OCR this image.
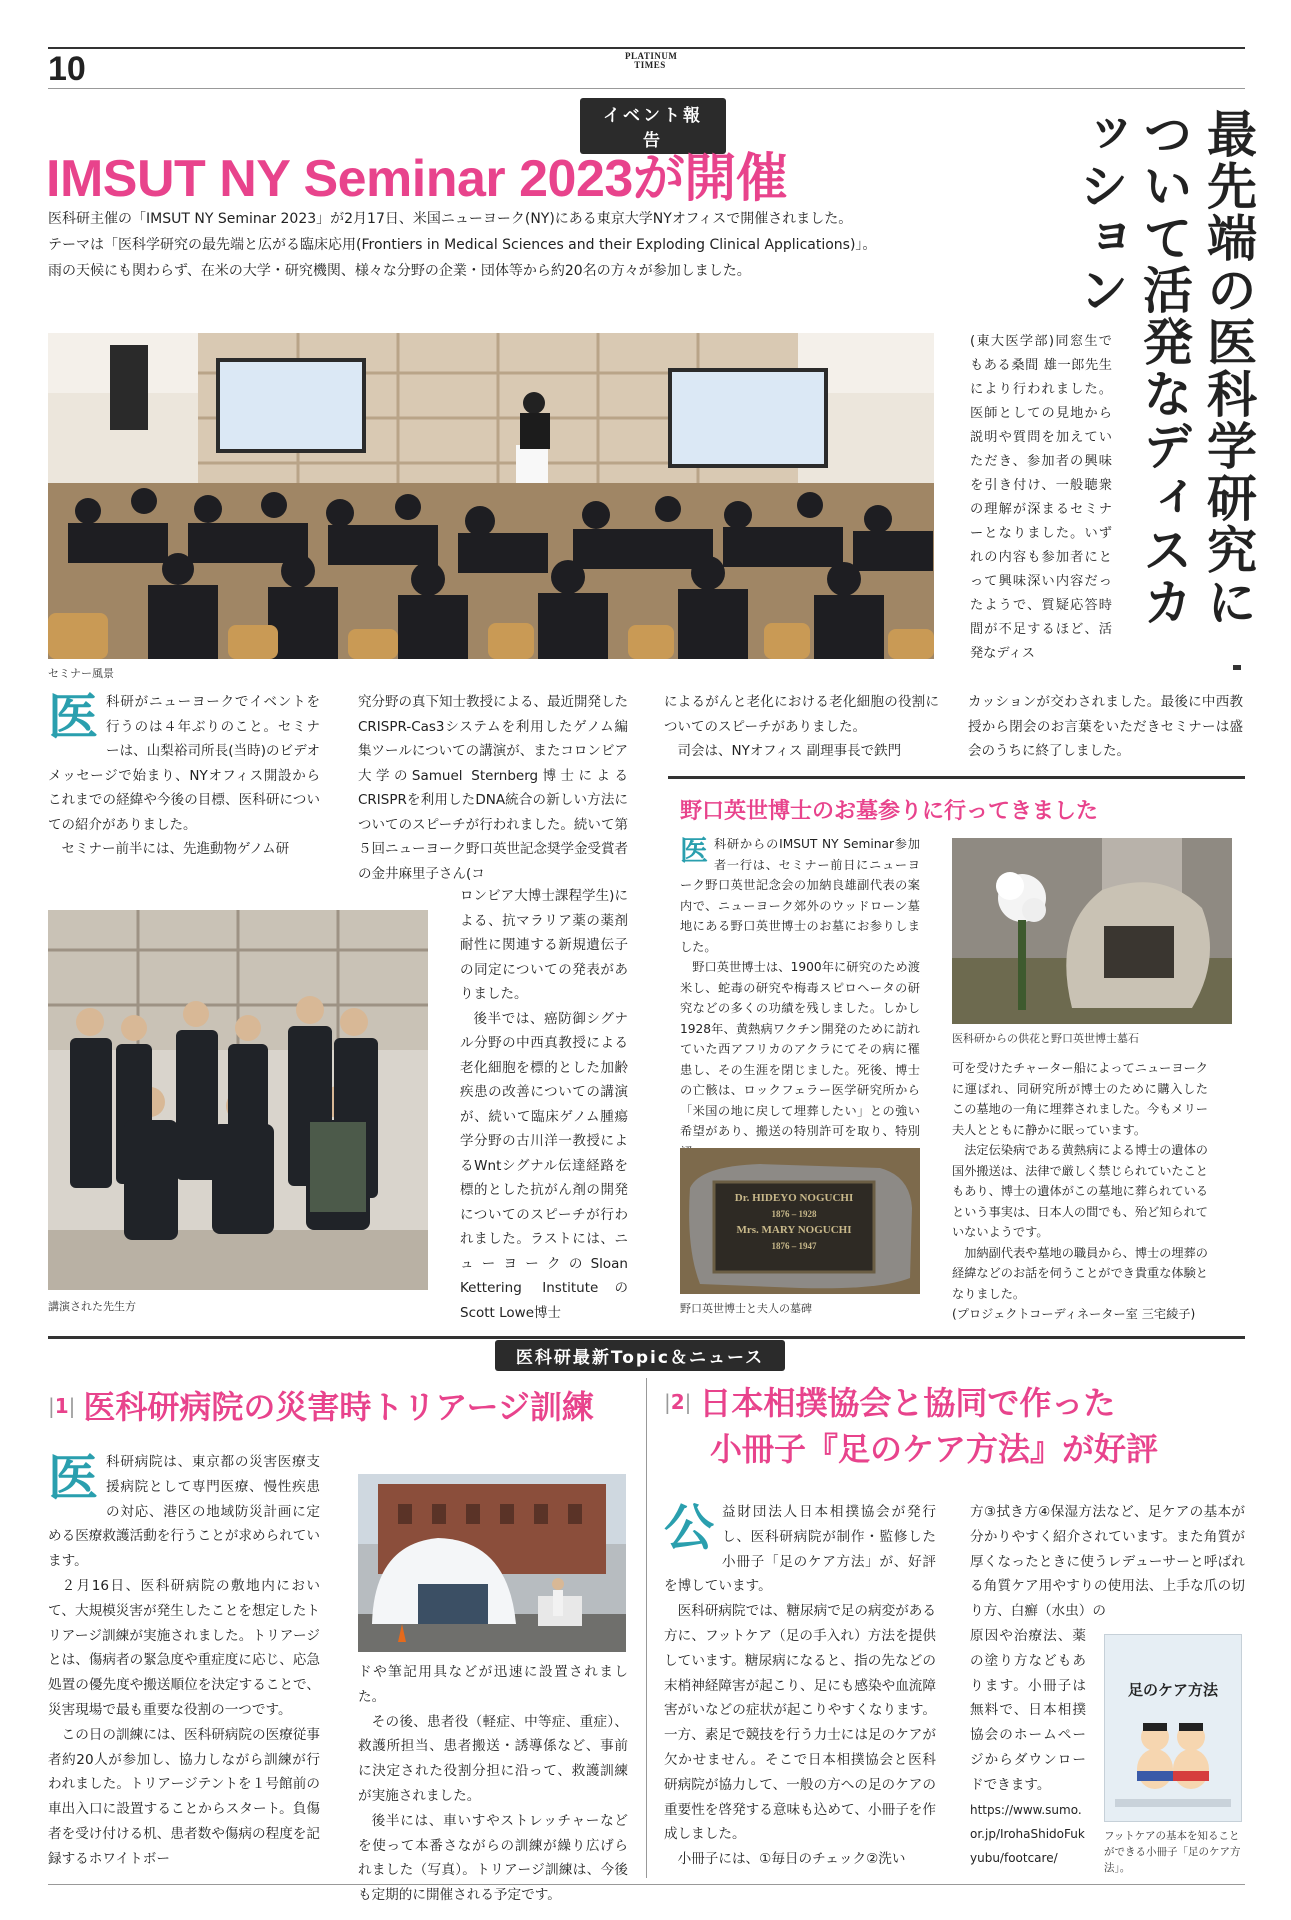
10	PLATINUM
TIMES
イベント報告
IMSUT NY Seminar 2023が開催
医科研主催の「IMSUT NY Seminar 2023」が2月17日、米国ニューヨーク(NY)にある東京大学NYオフィスで開催されました。
テーマは「医科学研究の最先端と広がる臨床応用(Frontiers in Medical Sciences and their Exploding Clinical Applications)」。
雨の天候にも関わらず、在米の大学・研究機関、様々な分野の企業・団体等から約20名の方々が参加しました。	最先端の医科学研究について活発なディスカッション
セミナー風景
(東大医学部)同窓生でもある桑間 雄一郎先生により行われました。医師としての見地から説明や質問を加えていただき、参加者の興味を引き付け、一般聴衆の理解が深まるセミナーとなりました。いずれの内容も参加者にとって興味深い内容だったようで、質疑応答時間が不足するほど、活発なディス
医 科研がニューヨークでイベントを行うのは４年ぶりのこと。セミナーは、山梨裕司所長(当時)のビデオメッセージで始まり、NYオフィス開設からこれまでの経緯や今後の目標、医科研についての紹介がありました。

セミナー前半には、先進動物ゲノム研

究分野の真下知士教授による、最近開発したCRISPR-Cas3システムを利用したゲノム編集ツールについての講演が、またコロンビア大学のSamuel Sternberg博士によるCRISPRを利用したDNA統合の新しい方法についてのスピーチが行われました。続いて第５回ニューヨーク野口英世記念奨学金受賞者の金井麻里子さん(コ

ロンビア大博士課程学生)による、抗マラリア薬の薬剤耐性に関連する新規遺伝子の同定についての発表がありました。

後半では、癌防御シグナル分野の中西真教授による老化細胞を標的とした加齢疾患の改善についての講演が、続いて臨床ゲノム腫瘍学分野の古川洋一教授によるWntシグナル伝達経路を標的とした抗がん剤の開発についてのスピーチが行われました。ラストには、ニューヨークのSloan Kettering InstituteのScott Lowe博士

によるがんと老化における老化細胞の役割についてのスピーチがありました。

司会は、NYオフィス 副理事長で鉄門

カッションが交わされました。最後に中西教授から閉会のお言葉をいただきセミナーは盛会のうちに終了しました。
講演された先生方
野口英世博士のお墓参りに行ってきました
医 科研からのIMSUT NY Seminar参加者一行は、セミナー前日にニューヨーク野口英世記念会の加納良雄副代表の案内で、ニューヨーク郊外のウッドローン墓地にある野口英世博士のお墓にお参りしました。

野口英世博士は、1900年に研究のため渡米し、蛇毒の研究や梅毒スピロヘータの研究などの多くの功績を残しました。しかし1928年、黄熱病ワクチン開発のために訪れていた西アフリカのアクラにてその病に罹患し、その生涯を閉じました。死後、博士の亡骸は、ロックフェラー医学研究所から「米国の地に戻して埋葬したい」との強い希望があり、搬送の特別許可を取り、特別

医科研からの供花と野口英世博士墓石

可を受けたチャーター船によってニューヨークに運ばれ、同研究所が博士のために購入したこの墓地の一角に埋葬されました。今もメリー夫人とともに静かに眠っています。

法定伝染病である黄熱病による博士の遺体の国外搬送は、法律で厳しく禁じられていたこともあり、博士の遺体がこの墓地に葬られているという事実は、日本人の間でも、殆ど知られていないようです。

加納副代表や墓地の職員から、博士の埋葬の経緯などのお話を伺うことができ貴重な体験となりました。

(プロジェクトコーディネーター室 三宅綾子)

Dr. HIDEYO NOGUCHI
1876 – 1928
Mrs. MARY NOGUCHI
1876 – 1947
野口英世博士と夫人の墓碑
医科研最新Topic＆ニュース
|1| 医科研病院の災害時トリアージ訓練
医 科研病院は、東京都の災害医療支援病院として専門医療、慢性疾患の対応、港区の地域防災計画に定める医療救護活動を行うことが求められています。

２月16日、医科研病院の敷地内において、大規模災害が発生したことを想定したトリアージ訓練が実施されました。トリアージとは、傷病者の緊急度や重症度に応じ、応急処置の優先度や搬送順位を決定することで、災害現場で最も重要な役割の一つです。

この日の訓練には、医科研病院の医療従事者約20人が参加し、協力しながら訓練が行われました。トリアージテントを１号館前の車出入口に設置することからスタート。負傷者を受け付ける机、患者数や傷病の程度を記録するホワイトボー

ドや筆記用具などが迅速に設置されました。

その後、患者役（軽症、中等症、重症）、救護所担当、患者搬送・誘導係など、事前に決定された役割分担に沿って、救護訓練が実施されました。

後半には、車いすやストレッチャーなどを使って本番さながらの訓練が繰り広げられました（写真）。トリアージ訓練は、今後も定期的に開催される予定です。

|2| 日本相撲協会と協同で作った
小冊子『足のケア方法』が好評
公 益財団法人日本相撲協会が発行し、医科研病院が制作・監修した小冊子「足のケア方法」が、好評を博しています。

医科研病院では、糖尿病で足の病変がある方に、フットケア（足の手入れ）方法を提供しています。糖尿病になると、指の先などの末梢神経障害が起こり、足にも感染や血流障害がいなどの症状が起こりやすくなります。一方、素足で競技を行う力士には足のケアが欠かせません。そこで日本相撲協会と医科研病院が協力して、一般の方への足のケアの重要性を啓発する意味も込めて、小冊子を作成しました。

小冊子には、①毎日のチェック②洗い

方③拭き方④保湿方法など、足ケアの基本が分かりやすく紹介されています。また角質が厚くなったときに使うレデューサーと呼ばれる角質ケア用やすりの使用法、上手な爪の切り方、白癬（水虫）の

原因や治療法、薬の塗り方などもあります。小冊子は無料で、日本相撲協会のホームページからダウンロードできます。

https://www.sumo.or.jp/IrohaShidoFukyubu/footcare/

足のケア方法
フットケアの基本を知ることができる小冊子「足のケア方法」。
